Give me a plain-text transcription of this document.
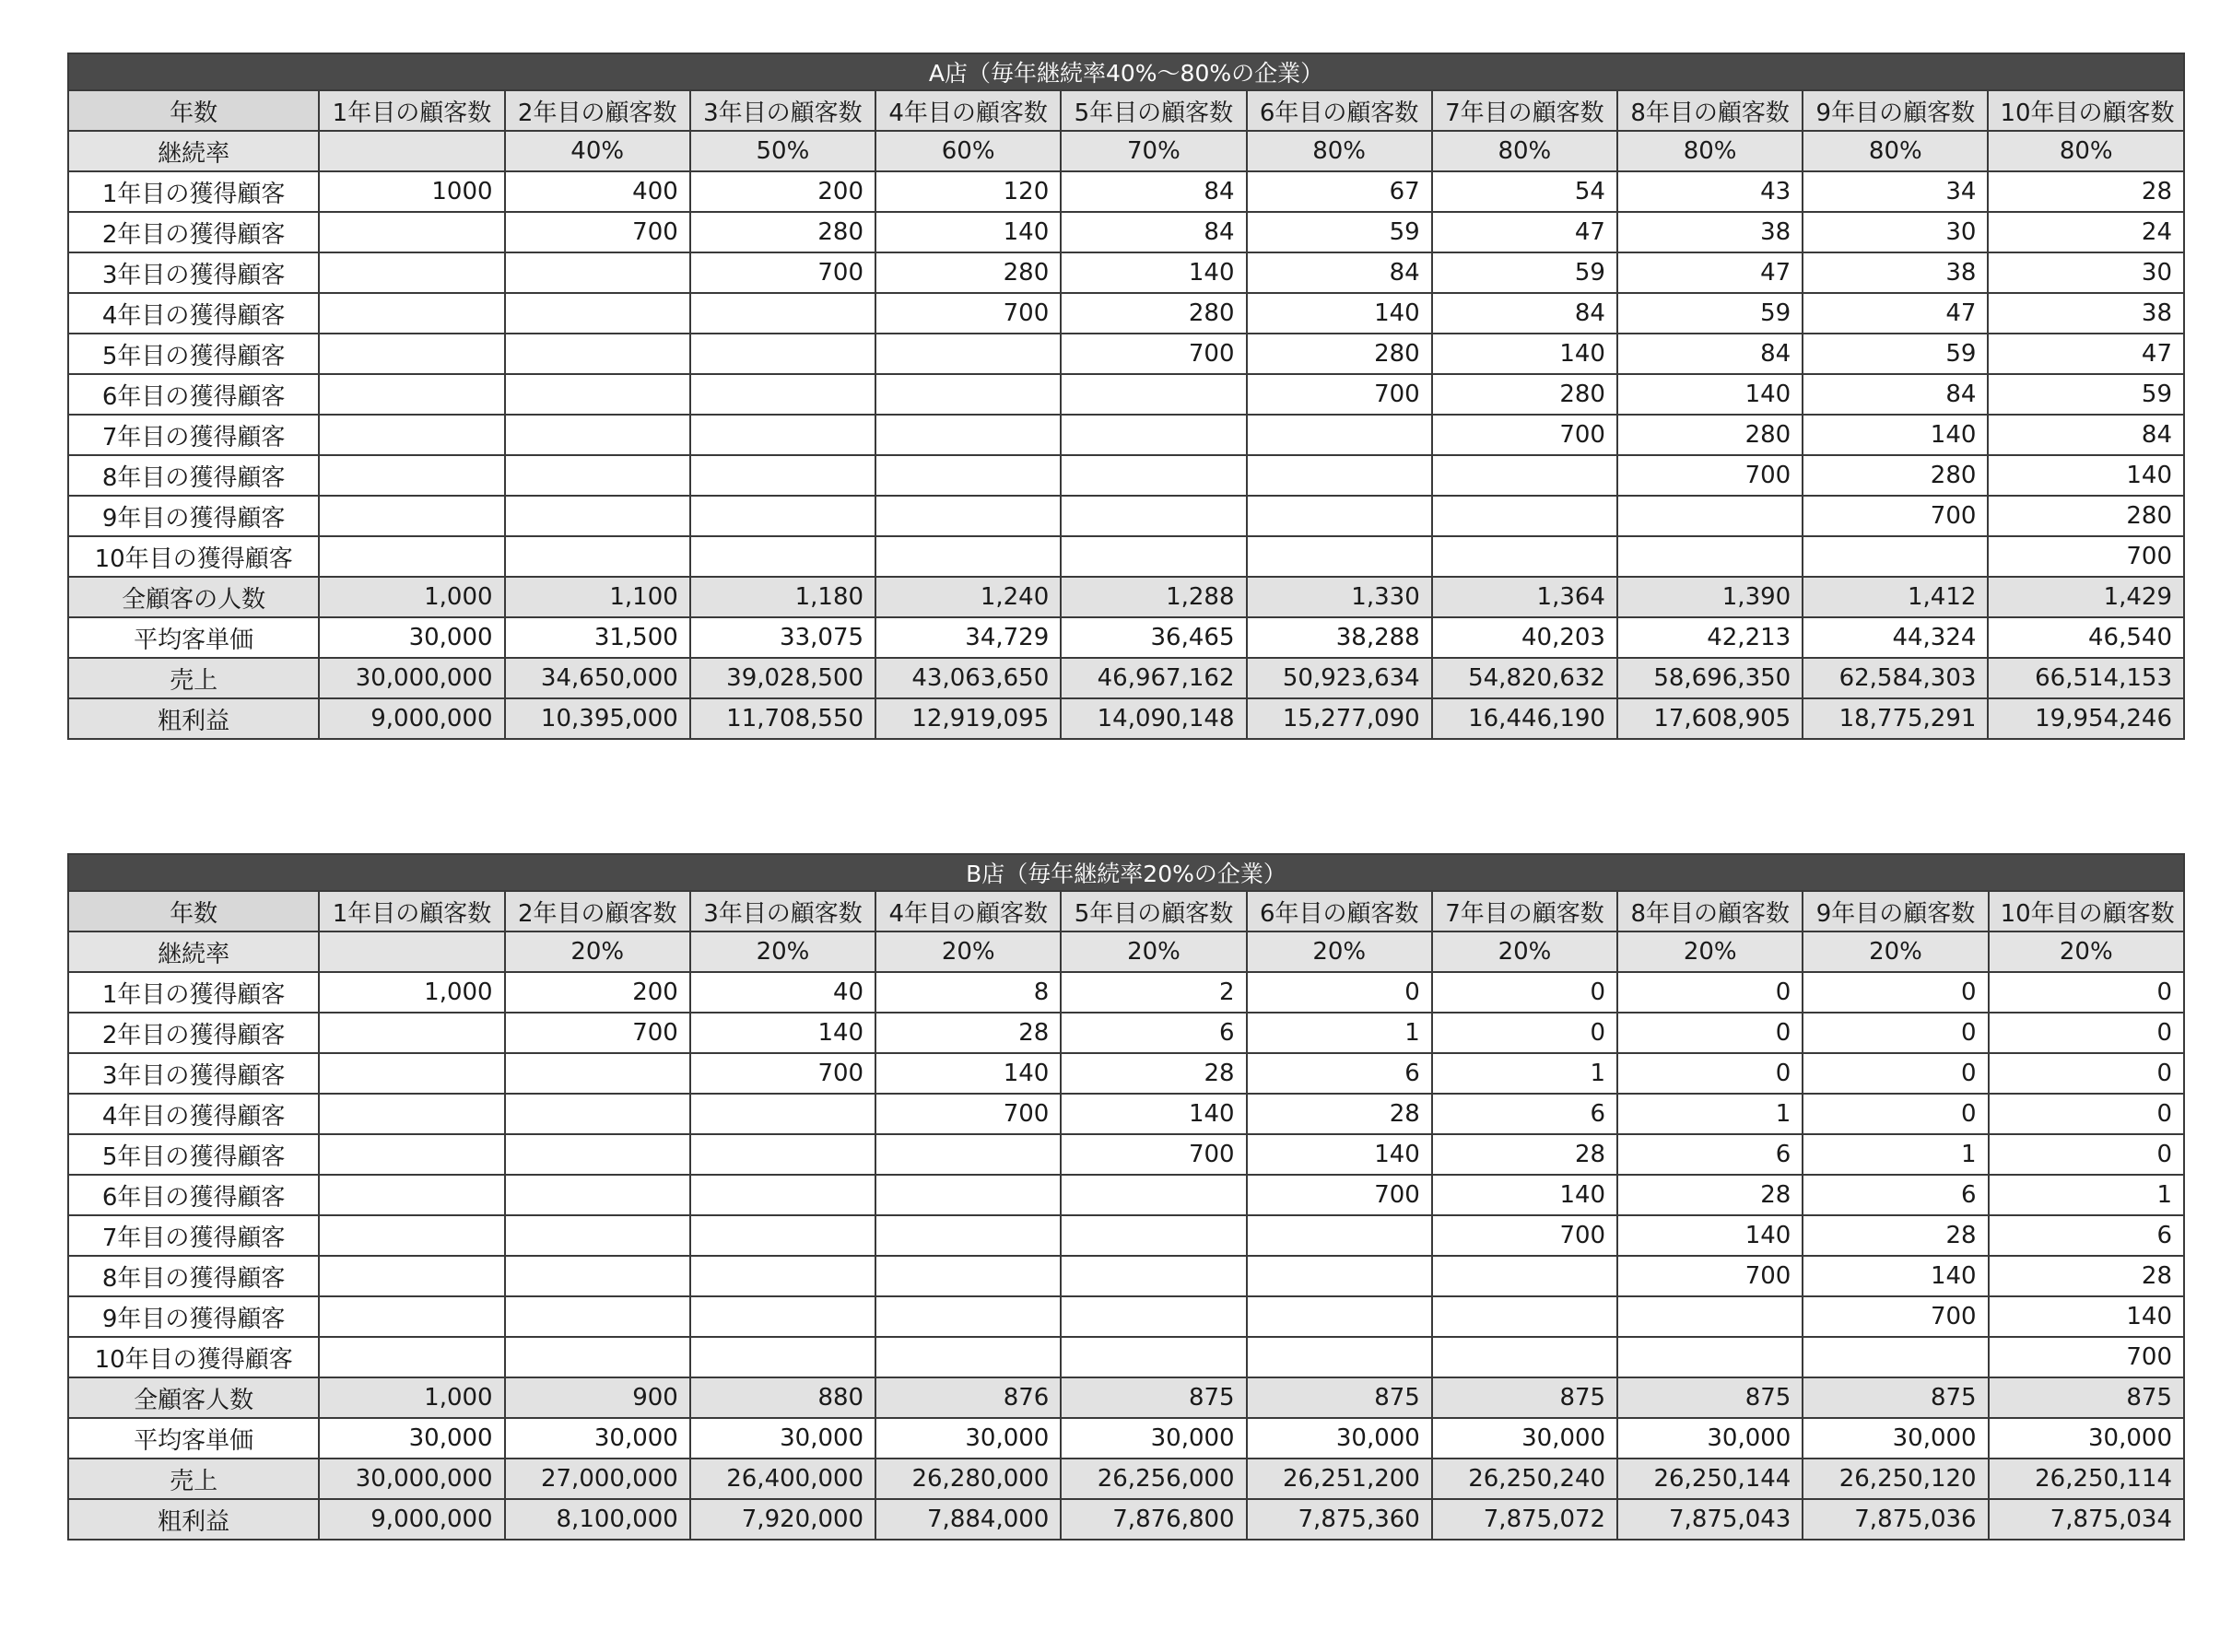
A店（毎年継続率40%～80%の企業）										
年数	1年目の顧客数	2年目の顧客数	3年目の顧客数	4年目の顧客数	5年目の顧客数	6年目の顧客数	7年目の顧客数	8年目の顧客数	9年目の顧客数	10年目の顧客数
継続率		40%	50%	60%	70%	80%	80%	80%	80%	80%
1年目の獲得顧客	1000	400	200	120	84	67	54	43	34	28
2年目の獲得顧客		700	280	140	84	59	47	38	30	24
3年目の獲得顧客			700	280	140	84	59	47	38	30
4年目の獲得顧客				700	280	140	84	59	47	38
5年目の獲得顧客					700	280	140	84	59	47
6年目の獲得顧客						700	280	140	84	59
7年目の獲得顧客							700	280	140	84
8年目の獲得顧客								700	280	140
9年目の獲得顧客									700	280
10年目の獲得顧客										700
全顧客の人数	1,000	1,100	1,180	1,240	1,288	1,330	1,364	1,390	1,412	1,429
平均客単価	30,000	31,500	33,075	34,729	36,465	38,288	40,203	42,213	44,324	46,540
売上	30,000,000	34,650,000	39,028,500	43,063,650	46,967,162	50,923,634	54,820,632	58,696,350	62,584,303	66,514,153
粗利益	9,000,000	10,395,000	11,708,550	12,919,095	14,090,148	15,277,090	16,446,190	17,608,905	18,775,291	19,954,246
B店（毎年継続率20%の企業）										
年数	1年目の顧客数	2年目の顧客数	3年目の顧客数	4年目の顧客数	5年目の顧客数	6年目の顧客数	7年目の顧客数	8年目の顧客数	9年目の顧客数	10年目の顧客数
継続率		20%	20%	20%	20%	20%	20%	20%	20%	20%
1年目の獲得顧客	1,000	200	40	8	2	0	0	0	0	0
2年目の獲得顧客		700	140	28	6	1	0	0	0	0
3年目の獲得顧客			700	140	28	6	1	0	0	0
4年目の獲得顧客				700	140	28	6	1	0	0
5年目の獲得顧客					700	140	28	6	1	0
6年目の獲得顧客						700	140	28	6	1
7年目の獲得顧客							700	140	28	6
8年目の獲得顧客								700	140	28
9年目の獲得顧客									700	140
10年目の獲得顧客										700
全顧客人数	1,000	900	880	876	875	875	875	875	875	875
平均客単価	30,000	30,000	30,000	30,000	30,000	30,000	30,000	30,000	30,000	30,000
売上	30,000,000	27,000,000	26,400,000	26,280,000	26,256,000	26,251,200	26,250,240	26,250,144	26,250,120	26,250,114
粗利益	9,000,000	8,100,000	7,920,000	7,884,000	7,876,800	7,875,360	7,875,072	7,875,043	7,875,036	7,875,034
